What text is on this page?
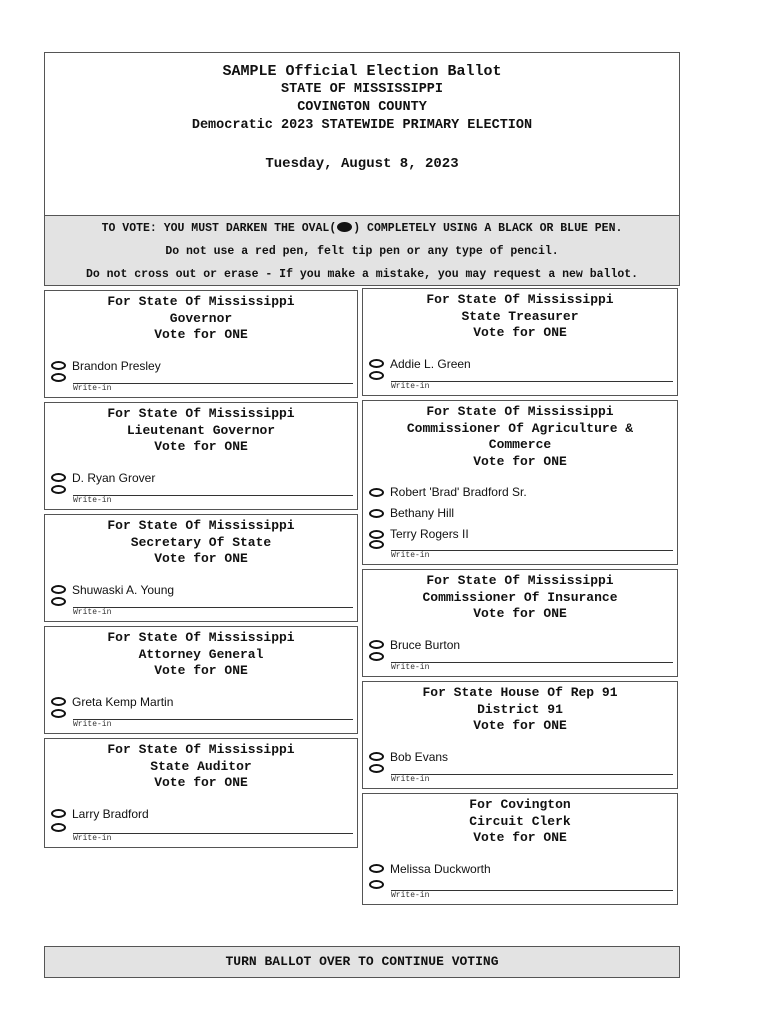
SAMPLE Official Election Ballot
STATE OF MISSISSIPPI
COVINGTON COUNTY
Democratic 2023 STATEWIDE PRIMARY ELECTION
Tuesday, August 8, 2023
TO VOTE: YOU MUST DARKEN THE OVAL( ) COMPLETELY USING A BLACK OR BLUE PEN.
Do not use a red pen, felt tip pen or any type of pencil.
Do not cross out or erase - If you make a mistake, you may request a new ballot.
For State Of Mississippi
Governor
Vote for ONE
Brandon Presley
Write-in
For State Of Mississippi
Lieutenant Governor
Vote for ONE
D. Ryan Grover
Write-in
For State Of Mississippi
Secretary Of State
Vote for ONE
Shuwaski A. Young
Write-in
For State Of Mississippi
Attorney General
Vote for ONE
Greta Kemp Martin
Write-in
For State Of Mississippi
State Auditor
Vote for ONE
Larry Bradford
Write-in
For State Of Mississippi
State Treasurer
Vote for ONE
Addie L. Green
Write-in
For State Of Mississippi
Commissioner Of Agriculture &
Commerce
Vote for ONE
Robert 'Brad' Bradford Sr.
Bethany Hill
Terry Rogers II
Write-in
For State Of Mississippi
Commissioner Of Insurance
Vote for ONE
Bruce Burton
Write-in
For State House Of Rep 91
District 91
Vote for ONE
Bob Evans
Write-in
For Covington
Circuit Clerk
Vote for ONE
Melissa Duckworth
Write-in
TURN BALLOT OVER TO CONTINUE VOTING
